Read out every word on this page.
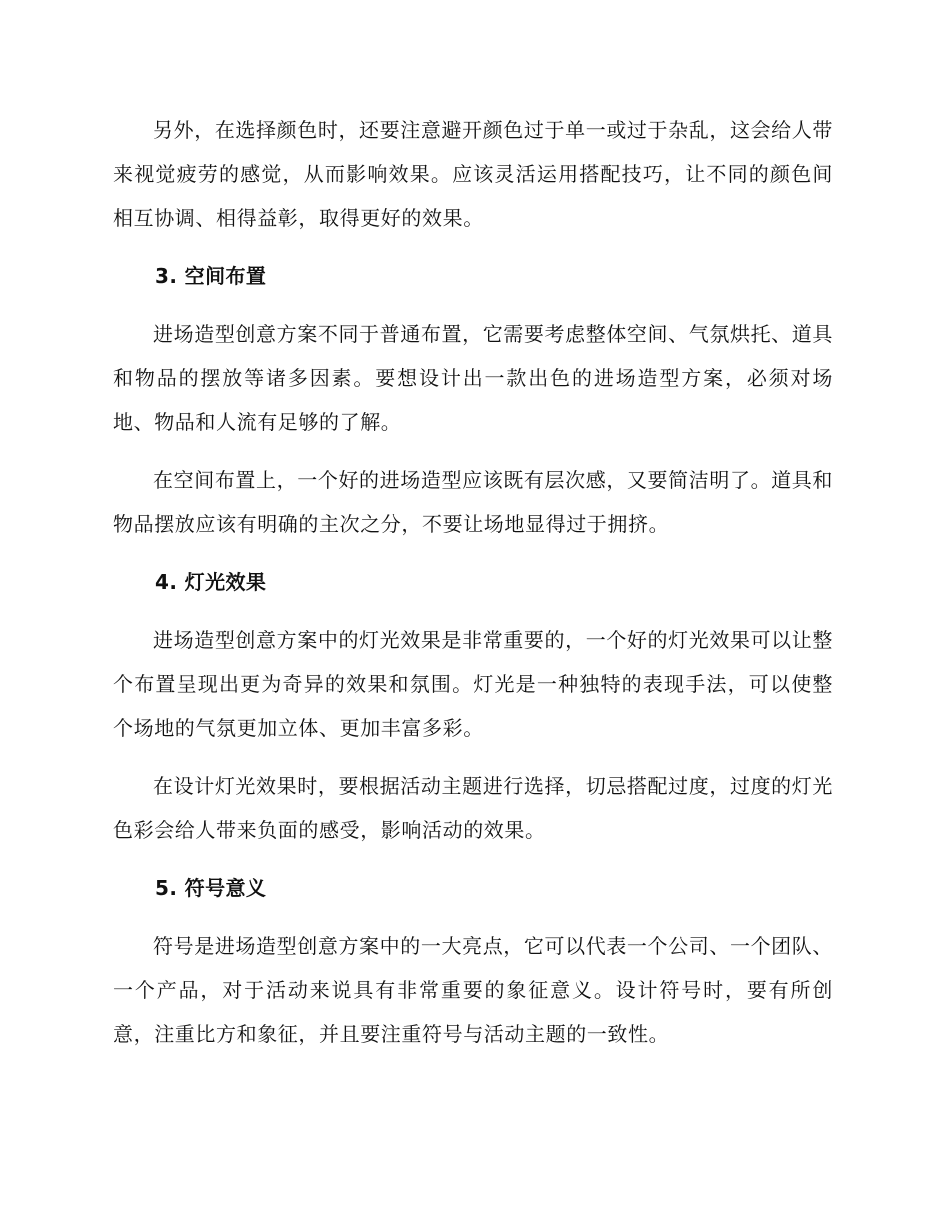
另外，在选择颜色时，还要注意避开颜色过于单一或过于杂乱，这会给人带来视觉疲劳的感觉，从而影响效果。应该灵活运用搭配技巧，让不同的颜色间相互协调、相得益彰，取得更好的效果。

3. 空间布置

进场造型创意方案不同于普通布置，它需要考虑整体空间、气氛烘托、道具和物品的摆放等诸多因素。要想设计出一款出色的进场造型方案，必须对场地、物品和人流有足够的了解。

在空间布置上，一个好的进场造型应该既有层次感，又要简洁明了。道具和物品摆放应该有明确的主次之分，不要让场地显得过于拥挤。

4. 灯光效果

进场造型创意方案中的灯光效果是非常重要的，一个好的灯光效果可以让整个布置呈现出更为奇异的效果和氛围。灯光是一种独特的表现手法，可以使整个场地的气氛更加立体、更加丰富多彩。

在设计灯光效果时，要根据活动主题进行选择，切忌搭配过度，过度的灯光色彩会给人带来负面的感受，影响活动的效果。

5. 符号意义

符号是进场造型创意方案中的一大亮点，它可以代表一个公司、一个团队、一个产品，对于活动来说具有非常重要的象征意义。设计符号时，要有所创意，注重比方和象征，并且要注重符号与活动主题的一致性。
